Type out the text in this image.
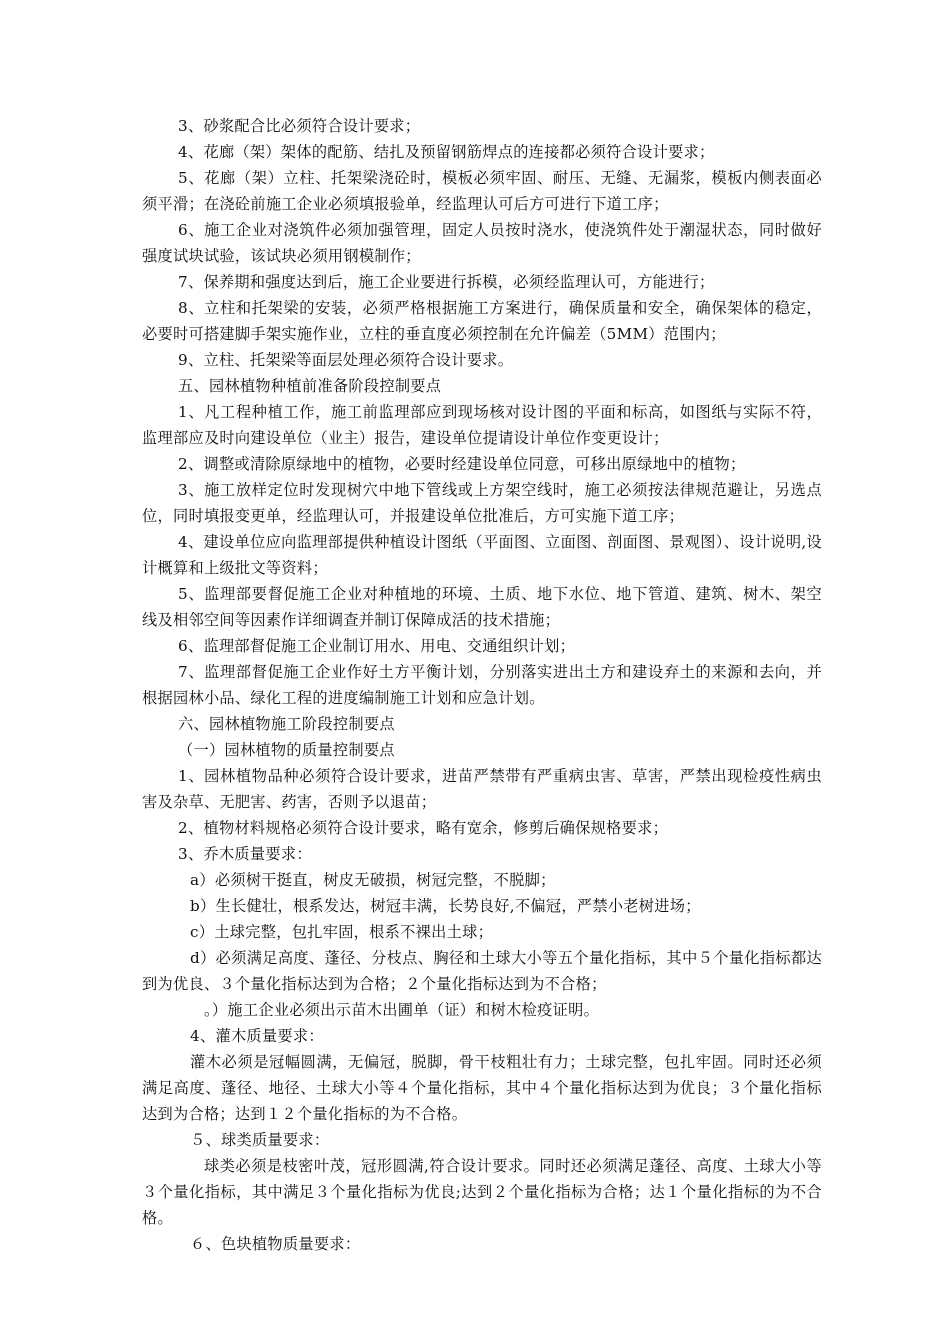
3、砂浆配合比必须符合设计要求；

4、花廊（架）架体的配筋、结扎及预留钢筋焊点的连接都必须符合设计要求；

5、花廊（架）立柱、托架梁浇砼时，模板必须牢固、耐压、无缝、无漏浆，模板内侧表面必须平滑；在浇砼前施工企业必须填报验单，经监理认可后方可进行下道工序；

6、施工企业对浇筑件必须加强管理，固定人员按时浇水，使浇筑件处于潮湿状态，同时做好强度试块试验，该试块必须用钢模制作；

7、保养期和强度达到后，施工企业要进行拆模，必须经监理认可，方能进行；

8、立柱和托架梁的安装，必须严格根据施工方案进行，确保质量和安全，确保架体的稳定，必要时可搭建脚手架实施作业，立柱的垂直度必须控制在允许偏差（5MM）范围内；

9、立柱、托架梁等面层处理必须符合设计要求。

五、园林植物种植前准备阶段控制要点

1、凡工程种植工作，施工前监理部应到现场核对设计图的平面和标高，如图纸与实际不符，监理部应及时向建设单位（业主）报告，建设单位提请设计单位作变更设计；

2、调整或清除原绿地中的植物，必要时经建设单位同意，可移出原绿地中的植物；

3、施工放样定位时发现树穴中地下管线或上方架空线时，施工必须按法律规范避让，另选点位，同时填报变更单，经监理认可，并报建设单位批准后，方可实施下道工序；

4、建设单位应向监理部提供种植设计图纸（平面图、立面图、剖面图、景观图）、设计说明,设计概算和上级批文等资料；

5、监理部要督促施工企业对种植地的环境、土质、地下水位、地下管道、建筑、树木、架空线及相邻空间等因素作详细调查并制订保障成活的技术措施；

6、监理部督促施工企业制订用水、用电、交通组织计划；

7、监理部督促施工企业作好土方平衡计划，分别落实进出土方和建设弃土的来源和去向，并根据园林小品、绿化工程的进度编制施工计划和应急计划。

六、园林植物施工阶段控制要点

（一）园林植物的质量控制要点

1、园林植物品种必须符合设计要求，进苗严禁带有严重病虫害、草害，严禁出现检疫性病虫害及杂草、无肥害、药害，否则予以退苗；

2、植物材料规格必须符合设计要求，略有宽余，修剪后确保规格要求；

3、乔木质量要求：

a）必须树干挺直，树皮无破损，树冠完整，不脱脚；

b）生长健壮，根系发达，树冠丰满，长势良好,不偏冠，严禁小老树进场；

c）土球完整，包扎牢固，根系不裸出土球；

d）必须满足高度、蓬径、分枝点、胸径和土球大小等五个量化指标，其中５个量化指标都达到为优良、３个量化指标达到为合格；２个量化指标达到为不合格；

。）施工企业必须出示苗木出圃单（证）和树木检疫证明。

4、灌木质量要求：

灌木必须是冠幅圆满，无偏冠，脱脚，骨干枝粗壮有力；土球完整，包扎牢固。同时还必须满足高度、蓬径、地径、土球大小等４个量化指标，其中４个量化指标达到为优良；３个量化指标达到为合格；达到１２个量化指标的为不合格。

５、球类质量要求：

球类必须是枝密叶茂，冠形圆满,符合设计要求。同时还必须满足蓬径、高度、土球大小等３个量化指标，其中满足３个量化指标为优良;达到２个量化指标为合格；达１个量化指标的为不合格。

６、色块植物质量要求：
